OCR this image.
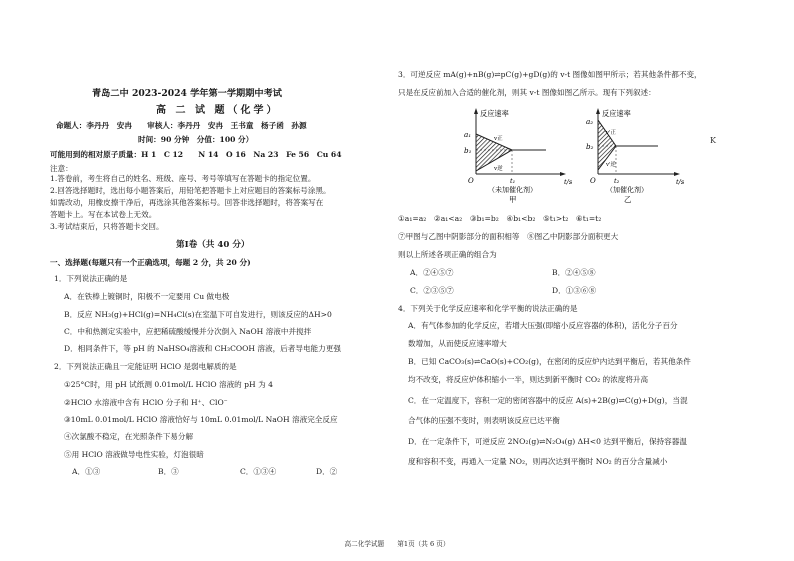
青岛二中 2023-2024 学年第一学期期中考试
高 二 试 题（化学）
命题人：李丹丹　安冉　　审核人：李丹丹　安冉　王书童　杨子函　孙源
时间：90 分钟　分值：100 分）
可能用到的相对原子质量：H 1　C 12　　N 14　O 16　Na 23　Fe 56　Cu 64
注意：
1.答卷前，考生将自己的姓名、班级、座号、考号等填写在答题卡的指定位置。
2.回答选择题时，选出每小题答案后，用铅笔把答题卡上对应题目的答案标号涂黑。
如需改动，用橡皮擦干净后，再选涂其他答案标号。回答非选择题时，将答案写在
答题卡上。写在本试卷上无效。
3.考试结束后，只将答题卡交回。
第Ⅰ卷（共 40 分）
一、选择题(每题只有一个正确选项，每题 2 分，共 20 分)
1．下列说法正确的是
A．在铁棒上镀铜时，阳极不一定要用 Cu 做电极
B．反应 NH₃(g)+HCl(g)=NH₄Cl(s)在室温下可自发进行，则该反应的ΔH>0
C．中和热测定实验中，应把稀硫酸缓慢并分次倒入 NaOH 溶液中并搅拌
D．相同条件下，等 pH 的 NaHSO₄溶液和 CH₃COOH 溶液，后者导电能力更强
2．下列说法正确且一定能证明 HClO 是弱电解质的是
①25°C时，用 pH 试纸测 0.01mol/L HClO 溶液的 pH 为 4
②HClO 水溶液中含有 HClO 分子和 H⁺、ClO⁻
③10mL 0.01mol/L HClO 溶液恰好与 10mL 0.01mol/L NaOH 溶液完全反应
④次氯酸不稳定，在光照条件下易分解
⑤用 HClO 溶液做导电性实验，灯泡很暗
A．①③	B．③	C．①③④	D．②
3．可逆反应 mA(g)+nB(g)⇌pC(g)+gD(g)的 v-t 图像如图甲所示；若其他条件都不变，
只是在反应前加入合适的催化剂，则其 v-t 图像如图乙所示。现有下列叙述：
反应速率
a₁
b₁
v正
v逆
t₁	t/s
O
（未加催化剂）
甲
反应速率
a₂
b₂
v'正
v'逆
t₂	t/s
O
（加催化剂）
乙
K
①a₁=a₂　②a₁<a₂　③b₁=b₂　④b₁<b₂　⑤t₁>t₂　⑥t₁=t₂
⑦甲图与乙图中阴影部分的面积相等　⑧图乙中阴影部分面积更大
则以上所述各项正确的组合为
A．②④⑤⑦	B．②④⑤⑧
C．②③⑤⑦	D．①③⑥⑧
4．下列关于化学反应速率和化学平衡的说法正确的是
A．有气体参加的化学反应，若增大压强(即缩小反应容器的体积)，活化分子百分
数增加，从而使反应速率增大
B．已知 CaCO₃(s)⇌CaO(s)+CO₂(g)，在密闭的反应炉内达到平衡后，若其他条件
均不改变，将反应炉体积缩小一半，则达到新平衡时 CO₂ 的浓度将升高
C．在一定温度下，容积一定的密闭容器中的反应 A(s)+2B(g)⇌C(g)+D(g)，当混
合气体的压强不变时，则表明该反应已达平衡
D．在一定条件下，可逆反应 2NO₂(g)⇌N₂O₄(g) ΔH<0 达到平衡后，保持容器温
度和容积不变，再通入一定量 NO₂，则再次达到平衡时 NO₂ 的百分含量减小
高二化学试题　　第1页（共 6 页）
